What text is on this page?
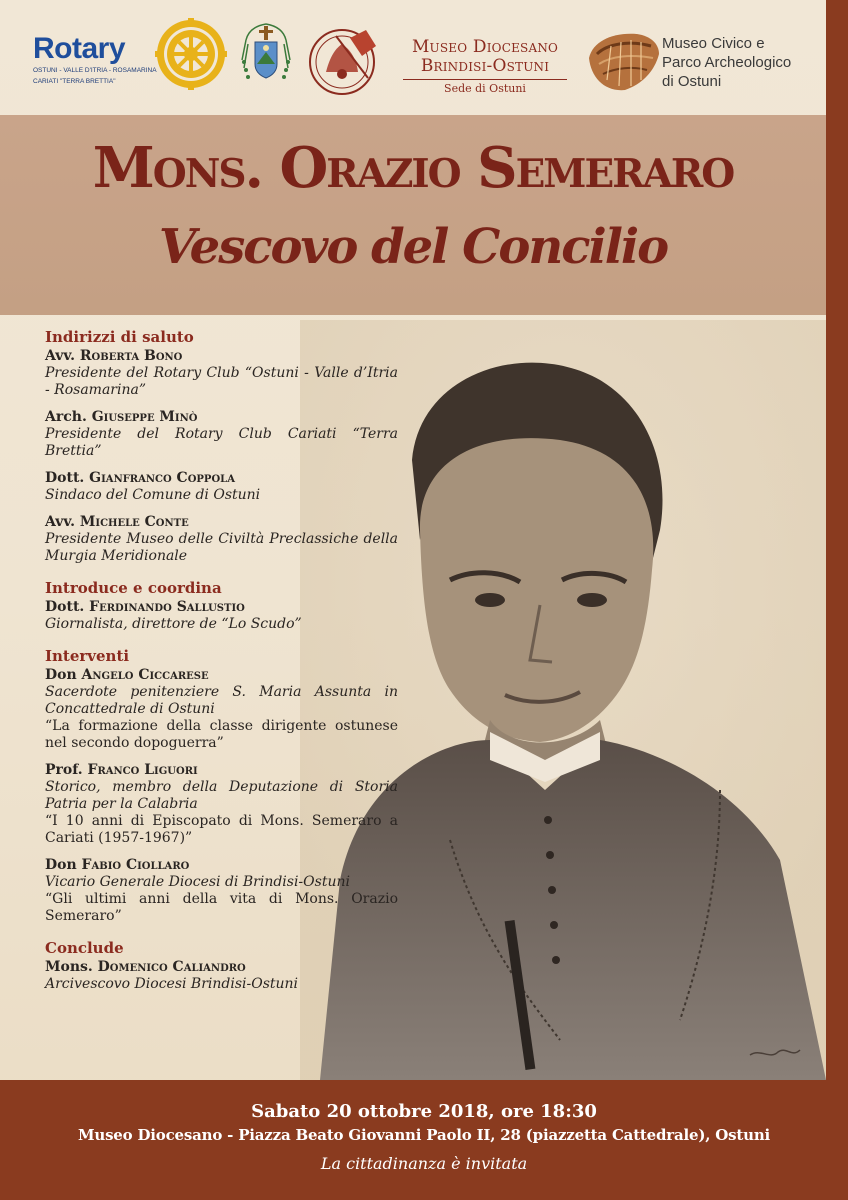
Rotary
OSTUNI - VALLE D'ITRIA - ROSAMARINA
CARIATI "TERRA BRETTIA"
Museo Diocesano
Brindisi-Ostuni
Sede di Ostuni
Museo Civico e
Parco Archeologico
di Ostuni
Mons. Orazio Semeraro
Vescovo del Concilio
Indirizzi di saluto
Avv. Roberta Bono
Presidente del Rotary Club “Ostuni - Valle d’Itria - Rosamarina”
Arch. Giuseppe Minò
Presidente del Rotary Club Cariati “Terra Brettia”
Dott. Gianfranco Coppola
Sindaco del Comune di Ostuni
Avv. Michele Conte
Presidente Museo delle Civiltà Preclassiche della Murgia Meridionale
Introduce e coordina
Dott. Ferdinando Sallustio
Giornalista, direttore de “Lo Scudo”
Interventi
Don Angelo Ciccarese
Sacerdote penitenziere S. Maria Assunta in Concattedrale di Ostuni
“La formazione della classe dirigente ostunese nel secondo dopoguerra”
Prof. Franco Liguori
Storico, membro della Deputazione di Storia Patria per la Calabria
“I 10 anni di Episcopato di Mons. Semeraro a Cariati (1957-1967)”
Don Fabio Ciollaro
Vicario Generale Diocesi di Brindisi-Ostuni
“Gli ultimi anni della vita di Mons. Orazio Semeraro”
Conclude
Mons. Domenico Caliandro
Arcivescovo Diocesi Brindisi-Ostuni
Sabato 20 ottobre 2018, ore 18:30
Museo Diocesano - Piazza Beato Giovanni Paolo II, 28 (piazzetta Cattedrale), Ostuni
La cittadinanza è invitata
